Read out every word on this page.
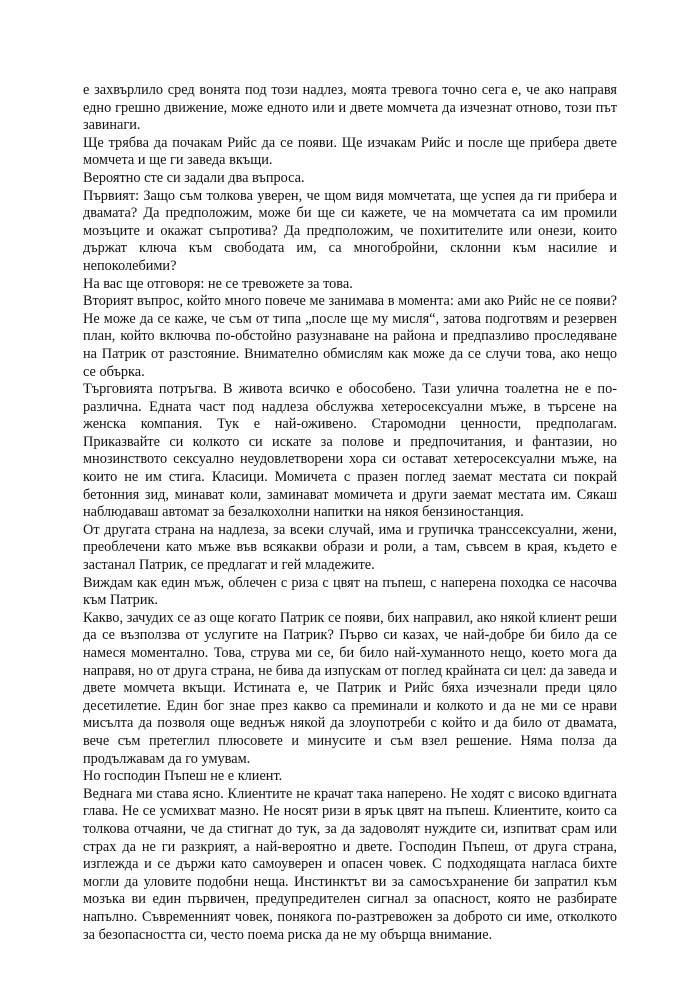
е захвърлило сред вонята под този надлез, моята тревога точно сега е, че ако направя едно грешно движение, може едното или и двете момчета да изчезнат отново, този път завинаги.

Ще трябва да почакам Рийс да се появи. Ще изчакам Рийс и после ще прибера двете момчета и ще ги заведа вкъщи.

Вероятно сте си задали два въпроса.

Първият: Защо съм толкова уверен, че щом видя момчетата, ще успея да ги прибера и двамата? Да предположим, може би ще си кажете, че на момчетата са им промили мозъците и окажат съпротива? Да предположим, че похитителите или онези, които държат ключа към свободата им, са многобройни, склонни към насилие и непоколебими?

На вас ще отговоря: не се тревожете за това.

Вторият въпрос, който много повече ме занимава в момента: ами ако Рийс не се появи? Не може да се каже, че съм от типа „после ще му мисля“, затова подготвям и резервен план, който включва по-обстойно разузнаване на района и предпазливо проследяване на Патрик от разстояние. Внимателно обмислям как може да се случи това, ако нещо се обърка.

Търговията потръгва. В живота всичко е обособено. Тази улична тоалетна не е по-различна. Едната част под надлеза обслужва хетеросексуални мъже, в търсене на женска компания. Тук е най-оживено. Старомодни ценности, предполагам. Приказвайте си колкото си искате за полове и предпочитания, и фантазии, но мнозинството сексуално неудовлетворени хора си остават хетеросексуални мъже, на които не им стига. Класици. Момичета с празен поглед заемат местата си покрай бетонния зид, минават коли, заминават момичета и други заемат местата им. Сякаш наблюдаваш автомат за безалкохолни напитки на някоя бензиностанция.

От другата страна на надлеза, за всеки случай, има и групичка транссексуални, жени, преоблечени като мъже във всякакви образи и роли, а там, съвсем в края, където е застанал Патрик, се предлагат и гей младежите.

Виждам как един мъж, облечен с риза с цвят на пъпеш, с наперена походка се насочва към Патрик.

Какво, зачудих се аз още когато Патрик се появи, бих направил, ако някой клиент реши да се възползва от услугите на Патрик? Първо си казах, че най-добре би било да се намеся моментално. Това, струва ми се, би било най-хуманното нещо, което мога да направя, но от друга страна, не бива да изпускам от поглед крайната си цел: да заведа и двете момчета вкъщи. Истината е, че Патрик и Рийс бяха изчезнали преди цяло десетилетие. Един бог знае през какво са преминали и колкото и да не ми се нрави мисълта да позволя още веднъж някой да злоупотреби с който и да било от двамата, вече съм претеглил плюсовете и минусите и съм взел решение. Няма полза да продължавам да го умувам.

Но господин Пъпеш не е клиент.

Веднага ми става ясно. Клиентите не крачат така наперено. Не ходят с високо вдигната глава. Не се усмихват мазно. Не носят ризи в ярък цвят на пъпеш. Клиентите, които са толкова отчаяни, че да стигнат до тук, за да задоволят нуждите си, изпитват срам или страх да не ги разкрият, а най-вероятно и двете. Господин Пъпеш, от друга страна, изглежда и се държи като самоуверен и опасен човек. С подходящата нагласа бихте могли да уловите подобни неща. Инстинктът ви за самосъхранение би запратил към мозъка ви един първичен, предупредителен сигнал за опасност, която не разбирате напълно. Съвременният човек, понякога по-разтревожен за доброто си име, отколкото за безопасността си, често поема риска да не му обърща внимание.
